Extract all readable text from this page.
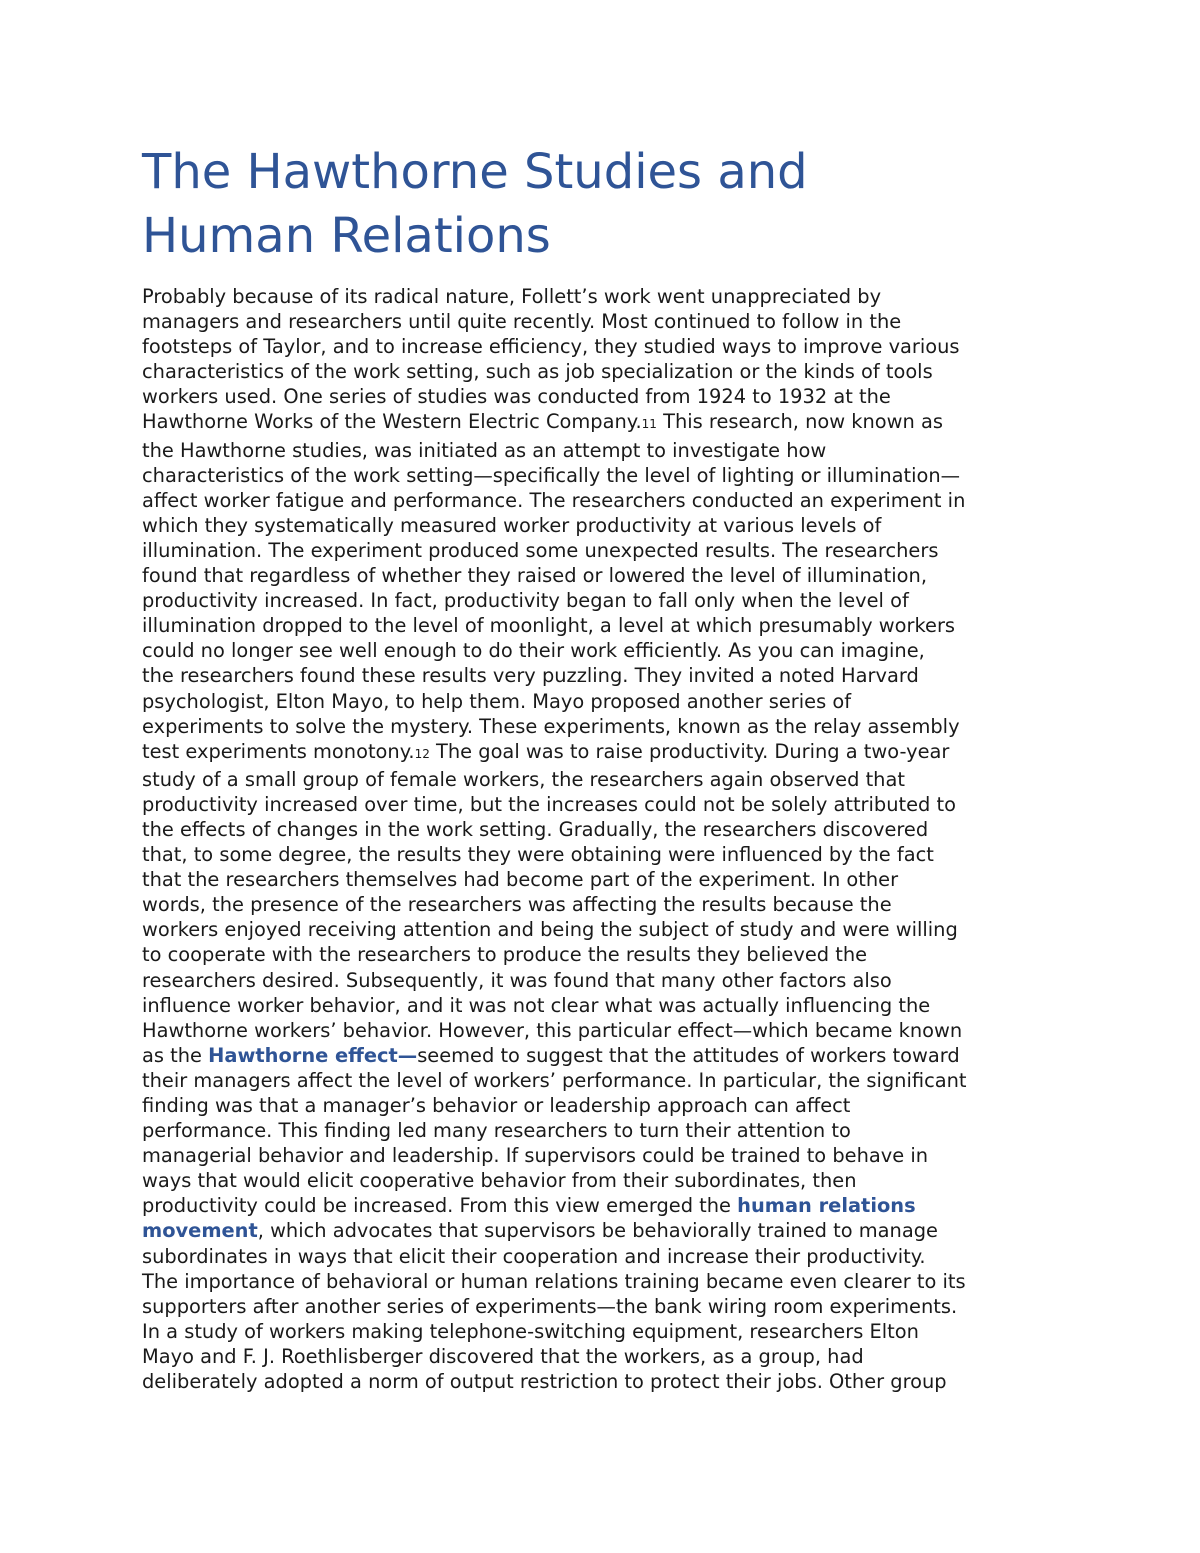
The Hawthorne Studies and
Human Relations
Probably because of its radical nature, Follett’s work went unappreciated by
managers and researchers until quite recently. Most continued to follow in the
footsteps of Taylor, and to increase efficiency, they studied ways to improve various
characteristics of the work setting, such as job specialization or the kinds of tools
workers used. One series of studies was conducted from 1924 to 1932 at the
Hawthorne Works of the Western Electric Company.11 This research, now known as
the Hawthorne studies, was initiated as an attempt to investigate how
characteristics of the work setting—specifically the level of lighting or illumination—
affect worker fatigue and performance. The researchers conducted an experiment in
which they systematically measured worker productivity at various levels of
illumination. The experiment produced some unexpected results. The researchers
found that regardless of whether they raised or lowered the level of illumination,
productivity increased. In fact, productivity began to fall only when the level of
illumination dropped to the level of moonlight, a level at which presumably workers
could no longer see well enough to do their work efficiently. As you can imagine,
the researchers found these results very puzzling. They invited a noted Harvard
psychologist, Elton Mayo, to help them. Mayo proposed another series of
experiments to solve the mystery. These experiments, known as the relay assembly
test experiments monotony.12 The goal was to raise productivity. During a two-year
study of a small group of female workers, the researchers again observed that
productivity increased over time, but the increases could not be solely attributed to
the effects of changes in the work setting. Gradually, the researchers discovered
that, to some degree, the results they were obtaining were influenced by the fact
that the researchers themselves had become part of the experiment. In other
words, the presence of the researchers was affecting the results because the
workers enjoyed receiving attention and being the subject of study and were willing
to cooperate with the researchers to produce the results they believed the
researchers desired. Subsequently, it was found that many other factors also
influence worker behavior, and it was not clear what was actually influencing the
Hawthorne workers’ behavior. However, this particular effect—which became known
as the Hawthorne effect—seemed to suggest that the attitudes of workers toward
their managers affect the level of workers’ performance. In particular, the significant
finding was that a manager’s behavior or leadership approach can affect
performance. This finding led many researchers to turn their attention to
managerial behavior and leadership. If supervisors could be trained to behave in
ways that would elicit cooperative behavior from their subordinates, then
productivity could be increased. From this view emerged the human relations
movement, which advocates that supervisors be behaviorally trained to manage
subordinates in ways that elicit their cooperation and increase their productivity.
The importance of behavioral or human relations training became even clearer to its
supporters after another series of experiments—the bank wiring room experiments.
In a study of workers making telephone-switching equipment, researchers Elton
Mayo and F. J. Roethlisberger discovered that the workers, as a group, had
deliberately adopted a norm of output restriction to protect their jobs. Other group
